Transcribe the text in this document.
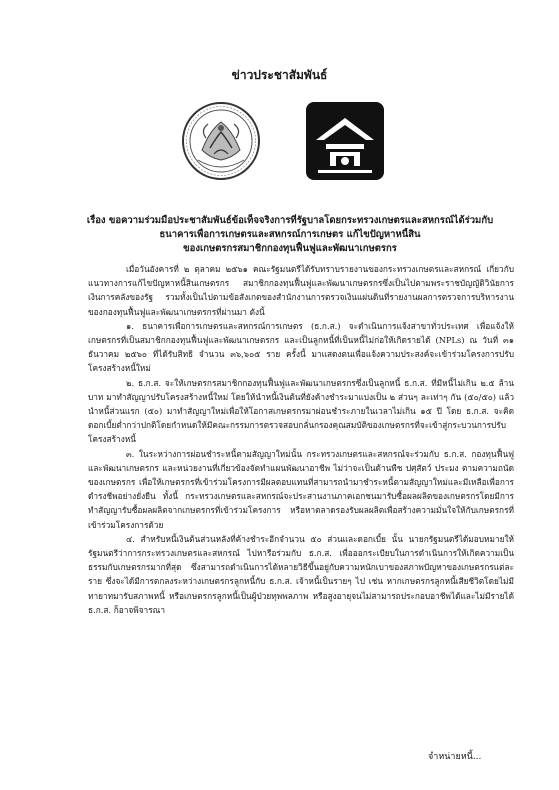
ข่าวประชาสัมพันธ์
เรื่อง ขอความร่วมมือประชาสัมพันธ์ข้อเท็จจริงการที่รัฐบาลโดยกระทรวงเกษตรและสหกรณ์ได้ร่วมกับ
ธนาคารเพื่อการเกษตรและสหกรณ์การเกษตร แก้ไขปัญหาหนี้สิน
ของเกษตรกรสมาชิกกองทุนฟื้นฟูและพัฒนาเกษตรกร

เมื่อวันอังคารที่ ๒ ตุลาคม ๒๕๖๑ คณะรัฐมนตรีได้รับทราบรายงานของกระทรวงเกษตรและสหกรณ์ เกี่ยวกับแนวทางการแก้ไขปัญหาหนี้สินเกษตรกร สมาชิกกองทุนฟื้นฟูและพัฒนาเกษตรกรซึ่งเป็นไปตามพระราชบัญญัติวินัยการเงินการคลังของรัฐ รวมทั้งเป็นไปตามข้อสังเกตของสำนักงานการตรวจเงินแผ่นดินที่รายงานผลการตรวจการบริหารงานของกองทุนฟื้นฟูและพัฒนาเกษตรกรที่ผ่านมา ดังนี้

๑. ธนาคารเพื่อการเกษตรและสหกรณ์การเกษตร (ธ.ก.ส.) จะดำเนินการแจ้งสาขาทั่วประเทศ เพื่อแจ้งให้เกษตรกรที่เป็นสมาชิกกองทุนฟื้นฟูและพัฒนาเกษตรกร และเป็นลูกหนี้ที่เป็นหนี้ไม่ก่อให้เกิดรายได้ (NPLs) ณ วันที่ ๓๑ ธันวาคม ๒๕๖๐ ที่ได้รับสิทธิ จำนวน ๓๖,๖๐๕ ราย ครั้งนี้ มาแสดงตนเพื่อแจ้งความประสงค์จะเข้าร่วมโครงการปรับโครงสร้างหนี้ใหม่

๒. ธ.ก.ส. จะให้เกษตรกรสมาชิกกองทุนฟื้นฟูและพัฒนาเกษตรกรซึ่งเป็นลูกหนี้ ธ.ก.ส. ที่มีหนี้ไม่เกิน ๒.๕ ล้านบาท มาทำสัญญาปรับโครงสร้างหนี้ใหม่ โดยให้นำหนี้เงินต้นที่ยังค้างชำระมาแบ่งเป็น ๒ ส่วนๆ ละเท่าๆ กัน (๕๐/๕๐) แล้วนำหนี้ส่วนแรก (๕๐) มาทำสัญญาใหม่เพื่อให้โอกาสเกษตรกรมาผ่อนชำระภายในเวลาไม่เกิน ๑๕ ปี โดย ธ.ก.ส. จะคิดดอกเบี้ยต่ำกว่าปกติโดยกำหนดให้มีคณะกรรมการตรวจสอบกลั่นกรองคุณสมบัติของเกษตรกรที่จะเข้าสู่กระบวนการปรับโครงสร้างหนี้

๓. ในระหว่างการผ่อนชำระหนี้ตามสัญญาใหม่นั้น กระทรวงเกษตรและสหกรณ์จะร่วมกับ ธ.ก.ส. กองทุนฟื้นฟูและพัฒนาเกษตรกร และหน่วยงานที่เกี่ยวข้องจัดทำแผนพัฒนาอาชีพ ไม่ว่าจะเป็นด้านพืช ปศุสัตว์ ประมง ตามความถนัดของเกษตรกร เพื่อให้เกษตรกรที่เข้าร่วมโครงการมีผลตอบแทนที่สามารถนำมาชำระหนี้ตามสัญญาใหม่และมีเหลือเพื่อการดำรงชีพอย่างยั่งยืน ทั้งนี้ กระทรวงเกษตรและสหกรณ์จะประสานงานภาคเอกชนมารับซื้อผลผลิตของเกษตรกรโดยมีการทำสัญญารับซื้อผลผลิตจากเกษตรกรที่เข้าร่วมโครงการ หรือหาตลาดรองรับผลผลิตเพื่อสร้างความมั่นใจให้กับเกษตรกรที่เข้าร่วมโครงการด้วย

๔. สำหรับหนี้เงินต้นส่วนหลังที่ค้างชำระอีกจำนวน ๕๐ ส่วนและดอกเบี้ย นั้น นายกรัฐมนตรีได้มอบหมายให้ รัฐมนตรีว่าการกระทรวงเกษตรและสหกรณ์ ไปหารือร่วมกับ ธ.ก.ส. เพื่อออกระเบียบในการดำเนินการให้เกิดความเป็นธรรมกับเกษตรกรมากที่สุด ซึ่งสามารถดำเนินการได้หลายวิธีขึ้นอยู่กับความหนักเบาของสภาพปัญหาของเกษตรกรแต่ละราย ซึ่งจะได้มีการตกลงระหว่างเกษตรกรลูกหนี้กับ ธ.ก.ส. เจ้าหนี้เป็นรายๆ ไป เช่น หากเกษตรกรลูกหนี้เสียชีวิตโดยไม่มีทายาทมารับสภาพหนี้ หรือเกษตรกรลูกหนี้เป็นผู้ป่วยทุพพลภาพ หรือสูงอายุจนไม่สามารถประกอบอาชีพได้และไม่มีรายได้ ธ.ก.ส. ก็อาจพิจารณา

จำหน่ายหนี้...
